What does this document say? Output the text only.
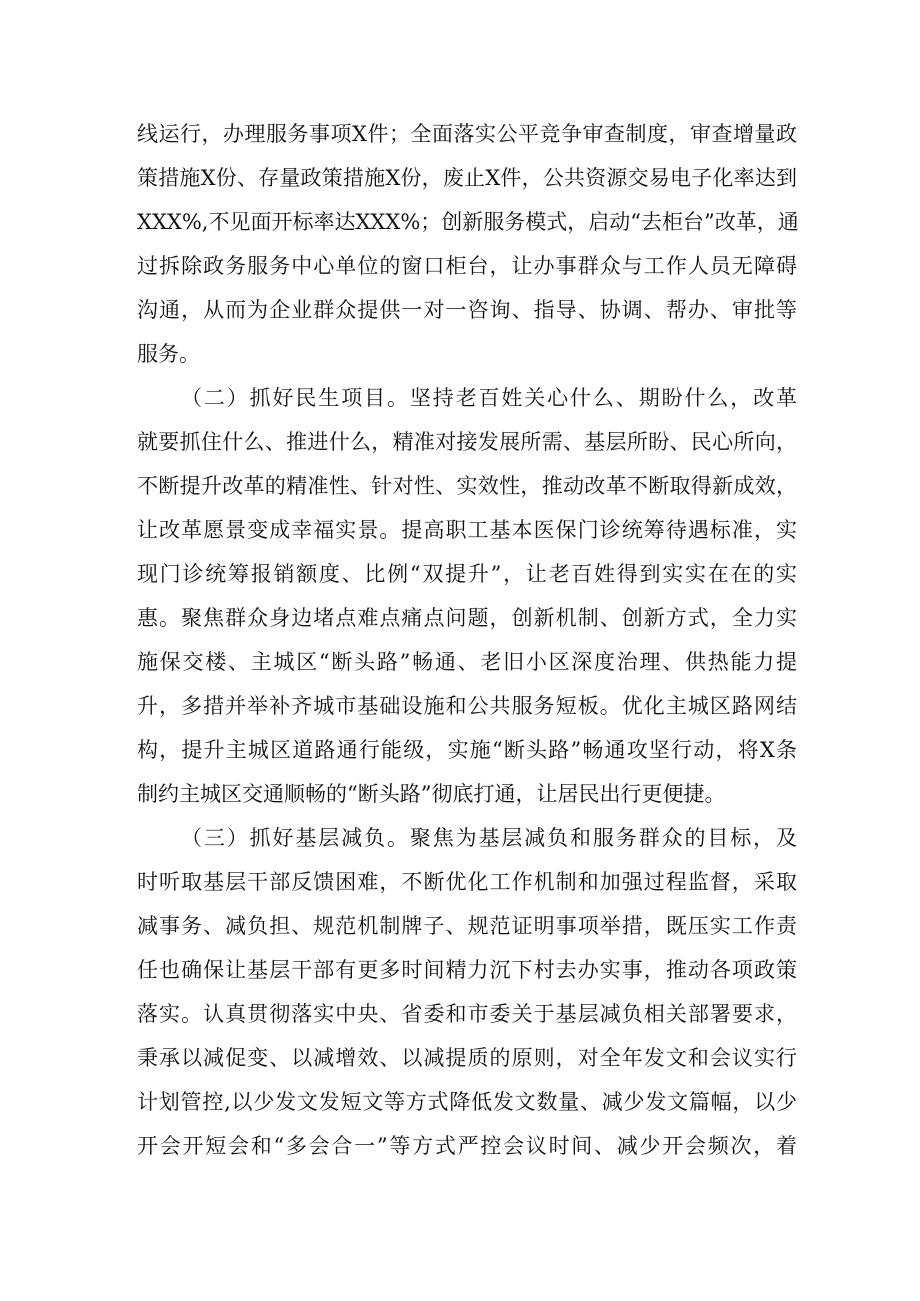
线运行，办理服务事项X件；全面落实公平竞争审查制度，审查增量政
策措施X份、存量政策措施X份，废止X件，公共资源交易电子化率达到
XXX%,不见面开标率达XXX%；创新服务模式，启动“去柜台”改革，通
过拆除政务服务中心单位的窗口柜台，让办事群众与工作人员无障碍
沟通，从而为企业群众提供一对一咨询、指导、协调、帮办、审批等
服务。
（二）抓好民生项目。坚持老百姓关心什么、期盼什么，改革
就要抓住什么、推进什么，精准对接发展所需、基层所盼、民心所向，
不断提升改革的精准性、针对性、实效性，推动改革不断取得新成效，
让改革愿景变成幸福实景。提高职工基本医保门诊统筹待遇标准，实
现门诊统筹报销额度、比例“双提升”，让老百姓得到实实在在的实
惠。聚焦群众身边堵点难点痛点问题，创新机制、创新方式，全力实
施保交楼、主城区“断头路”畅通、老旧小区深度治理、供热能力提
升，多措并举补齐城市基础设施和公共服务短板。优化主城区路网结
构，提升主城区道路通行能级，实施“断头路”畅通攻坚行动，将X条
制约主城区交通顺畅的“断头路”彻底打通，让居民出行更便捷。
（三）抓好基层减负。聚焦为基层减负和服务群众的目标，及
时听取基层干部反馈困难，不断优化工作机制和加强过程监督，采取
减事务、减负担、规范机制牌子、规范证明事项举措，既压实工作责
任也确保让基层干部有更多时间精力沉下村去办实事，推动各项政策
落实。认真贯彻落实中央、省委和市委关于基层减负相关部署要求，
秉承以减促变、以减增效、以减提质的原则，对全年发文和会议实行
计划管控,以少发文发短文等方式降低发文数量、减少发文篇幅，以少
开会开短会和“多会合一”等方式严控会议时间、减少开会频次，着
